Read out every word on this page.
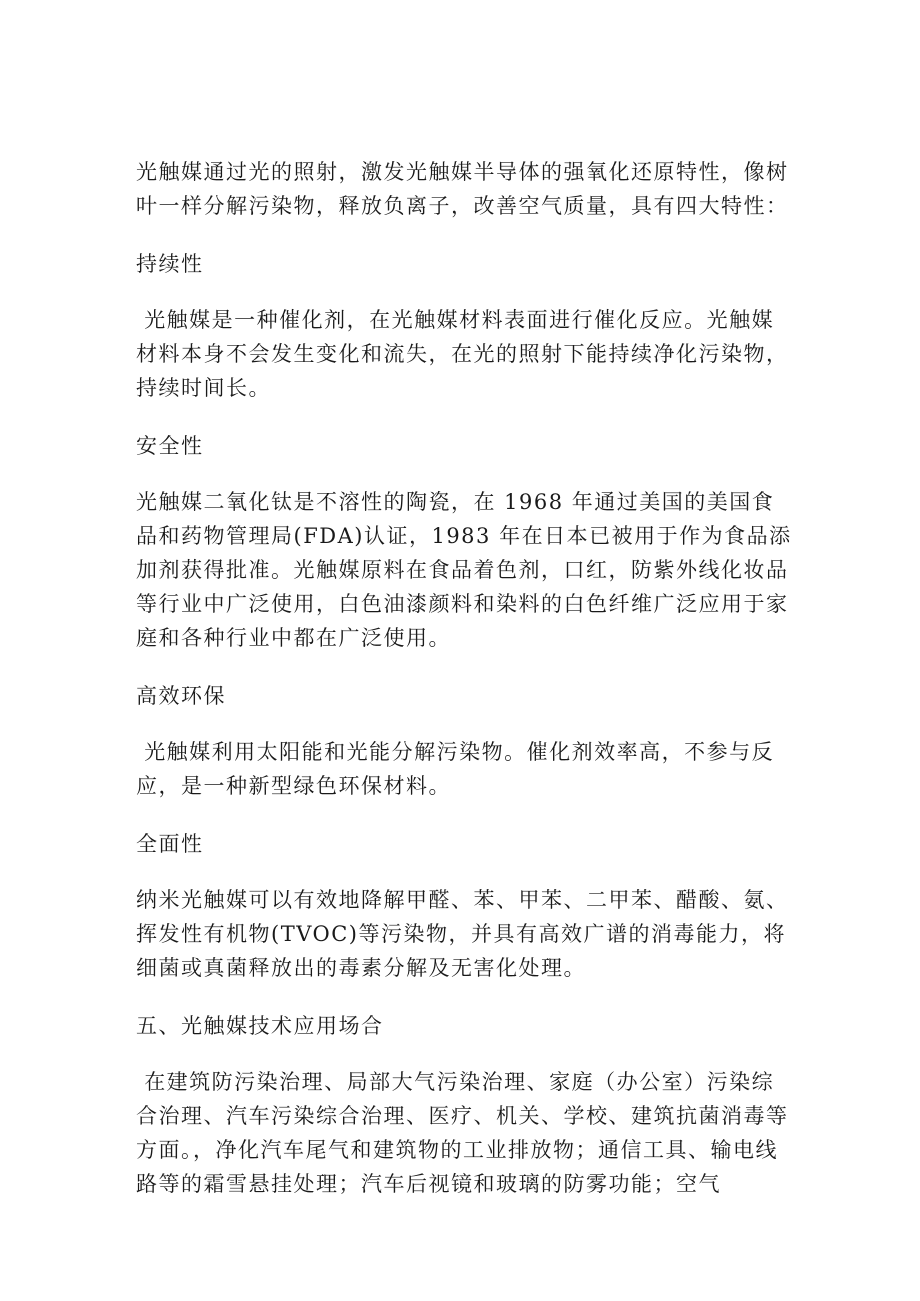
光触媒通过光的照射，激发光触媒半导体的强氧化还原特性，像树叶一样分解污染物，释放负离子，改善空气质量，具有四大特性：

持续性

光触媒是一种催化剂，在光触媒材料表面进行催化反应。光触媒材料本身不会发生变化和流失，在光的照射下能持续净化污染物，持续时间长。

安全性

光触媒二氧化钛是不溶性的陶瓷，在 1968 年通过美国的美国食品和药物管理局(FDA)认证，1983 年在日本已被用于作为食品添加剂获得批准。光触媒原料在食品着色剂，口红，防紫外线化妆品等行业中广泛使用，白色油漆颜料和染料的白色纤维广泛应用于家庭和各种行业中都在广泛使用。

高效环保

光触媒利用太阳能和光能分解污染物。催化剂效率高，不参与反应，是一种新型绿色环保材料。

全面性

纳米光触媒可以有效地降解甲醛、苯、甲苯、二甲苯、醋酸、氨、挥发性有机物(TVOC)等污染物，并具有高效广谱的消毒能力，将细菌或真菌释放出的毒素分解及无害化处理。

五、光触媒技术应用场合

在建筑防污染治理、局部大气污染治理、家庭（办公室）污染综合治理、汽车污染综合治理、医疗、机关、学校、建筑抗菌消毒等方面。，净化汽车尾气和建筑物的工业排放物；通信工具、输电线路等的霜雪悬挂处理；汽车后视镜和玻璃的防雾功能；空气
